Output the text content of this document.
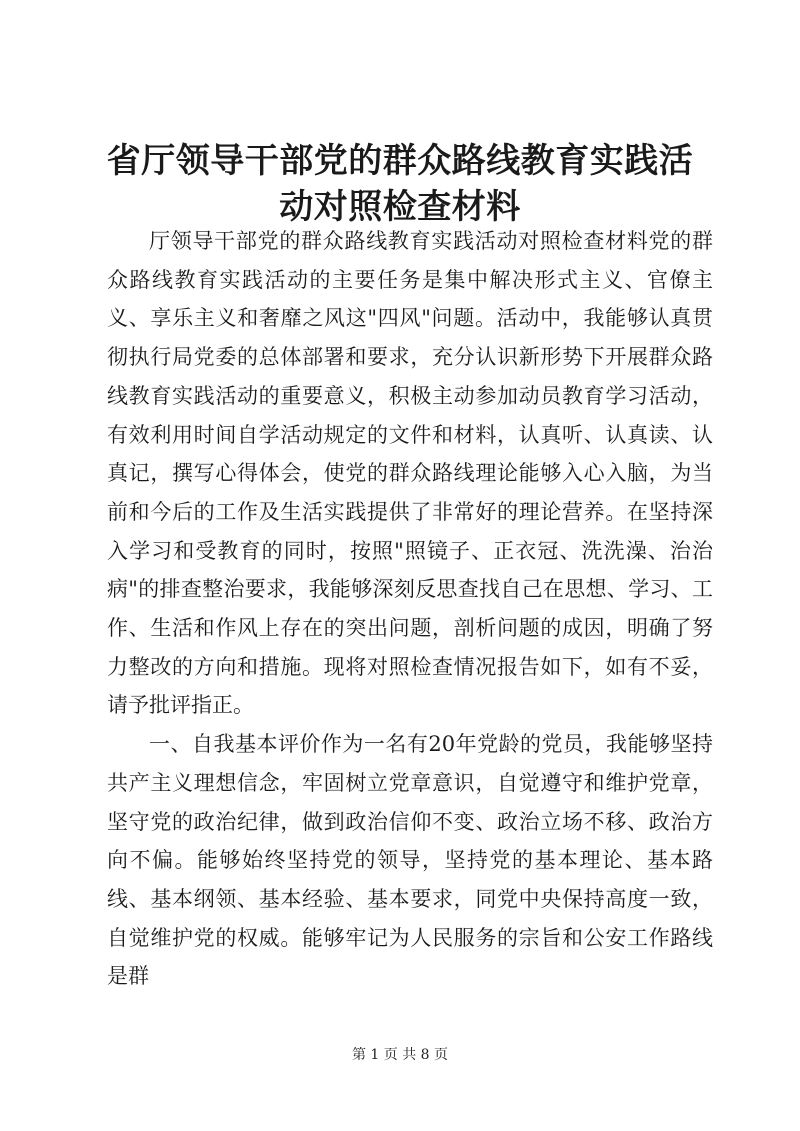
省厅领导干部党的群众路线教育实践活动对照检查材料

厅领导干部党的群众路线教育实践活动对照检查材料党的群众路线教育实践活动的主要任务是集中解决形式主义、官僚主义、享乐主义和奢靡之风这"四风"问题。活动中，我能够认真贯彻执行局党委的总体部署和要求，充分认识新形势下开展群众路线教育实践活动的重要意义，积极主动参加动员教育学习活动，有效利用时间自学活动规定的文件和材料，认真听、认真读、认真记，撰写心得体会，使党的群众路线理论能够入心入脑，为当前和今后的工作及生活实践提供了非常好的理论营养。在坚持深入学习和受教育的同时，按照"照镜子、正衣冠、洗洗澡、治治病"的排查整治要求，我能够深刻反思查找自己在思想、学习、工作、生活和作风上存在的突出问题，剖析问题的成因，明确了努力整改的方向和措施。现将对照检查情况报告如下，如有不妥，请予批评指正。

一、自我基本评价作为一名有20年党龄的党员，我能够坚持共产主义理想信念，牢固树立党章意识，自觉遵守和维护党章，坚守党的政治纪律，做到政治信仰不变、政治立场不移、政治方向不偏。能够始终坚持党的领导，坚持党的基本理论、基本路线、基本纲领、基本经验、基本要求，同党中央保持高度一致，自觉维护党的权威。能够牢记为人民服务的宗旨和公安工作路线是群

第 1 页 共 8 页
